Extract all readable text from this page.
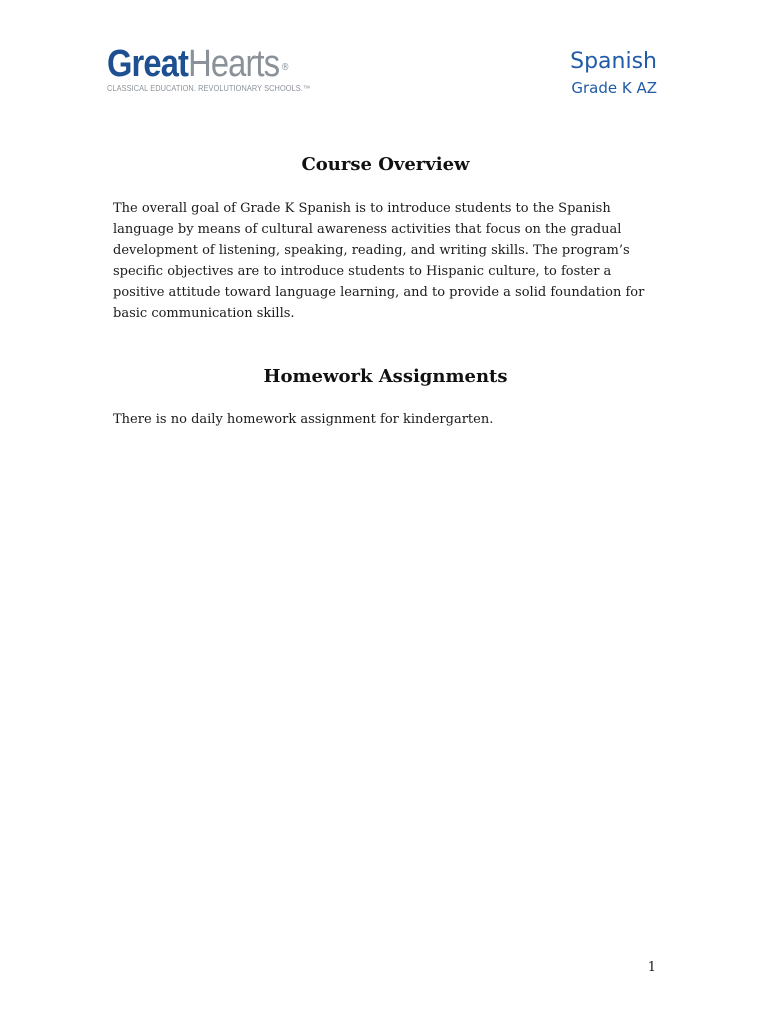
GreatHearts ®
CLASSICAL EDUCATION. REVOLUTIONARY SCHOOLS.™
Spanish
Grade K AZ
Course Overview

The overall goal of Grade K Spanish is to introduce students to the Spanish language by means of cultural awareness activities that focus on the gradual development of listening, speaking, reading, and writing skills. The program’s specific objectives are to introduce students to Hispanic culture, to foster a positive attitude toward language learning, and to provide a solid foundation for basic communication skills.

Homework Assignments

There is no daily homework assignment for kindergarten.

1
